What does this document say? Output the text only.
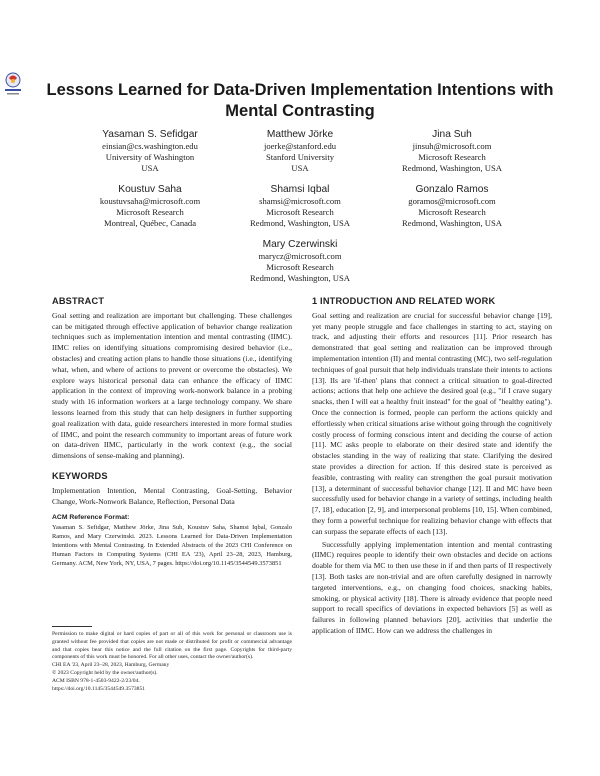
Lessons Learned for Data-Driven Implementation Intentions with Mental Contrasting
Yasaman S. Sefidgar
einsian@cs.washington.edu
University of Washington
USA
Matthew Jörke
joerke@stanford.edu
Stanford University
USA
Jina Suh
jinsuh@microsoft.com
Microsoft Research
Redmond, Washington, USA
Koustuv Saha
koustuvsaha@microsoft.com
Microsoft Research
Montreal, Québec, Canada
Shamsi Iqbal
shamsi@microsoft.com
Microsoft Research
Redmond, Washington, USA
Gonzalo Ramos
goramos@microsoft.com
Microsoft Research
Redmond, Washington, USA
Mary Czerwinski
marycz@microsoft.com
Microsoft Research
Redmond, Washington, USA
ABSTRACT

Goal setting and realization are important but challenging. These challenges can be mitigated through effective application of behavior change realization techniques such as implementation intention and mental contrasting (IIMC). IIMC relies on identifying situations compromising desired behavior (i.e., obstacles) and creating action plans to handle those situations (i.e., identifying what, when, and where of actions to prevent or overcome the obstacles). We explore ways historical personal data can enhance the efficacy of IIMC application in the context of improving work-nonwork balance in a probing study with 16 information workers at a large technology company. We share lessons learned from this study that can help designers in further supporting goal realization with data, guide researchers interested in more formal studies of IIMC, and point the research community to important areas of future work on data-driven IIMC, particularly in the work context (e.g., the social dimensions of sense-making and planning).

KEYWORDS

Implementation Intention, Mental Contrasting, Goal-Setting, Behavior Change, Work-Nonwork Balance, Reflection, Personal Data

ACM Reference Format:

Yasaman S. Sefidgar, Matthew Jörke, Jina Suh, Koustuv Saha, Shamsi Iqbal, Gonzalo Ramos, and Mary Czerwinski. 2023. Lessons Learned for Data-Driven Implementation Intentions with Mental Contrasting. In Extended Abstracts of the 2023 CHI Conference on Human Factors in Computing Systems (CHI EA '23), April 23–28, 2023, Hamburg, Germany. ACM, New York, NY, USA, 7 pages. https://doi.org/10.1145/3544549.3573851

Permission to make digital or hard copies of part or all of this work for personal or classroom use is granted without fee provided that copies are not made or distributed for profit or commercial advantage and that copies bear this notice and the full citation on the first page. Copyrights for third-party components of this work must be honored. For all other uses, contact the owner/author(s).

CHI EA '23, April 23–28, 2023, Hamburg, Germany
© 2023 Copyright held by the owner/author(s).
ACM ISBN 978-1-4503-9422-2/23/04.
https://doi.org/10.1145/3544549.3573851
1 INTRODUCTION AND RELATED WORK

Goal setting and realization are crucial for successful behavior change [19], yet many people struggle and face challenges in starting to act, staying on track, and adjusting their efforts and resources [11]. Prior research has demonstrated that goal setting and realization can be improved through implementation intention (II) and mental contrasting (MC), two self-regulation techniques of goal pursuit that help individuals translate their intents to actions [13]. IIs are 'if-then' plans that connect a critical situation to goal-directed actions; actions that help one achieve the desired goal (e.g., "if I crave sugary snacks, then I will eat a healthy fruit instead" for the goal of "healthy eating"). Once the connection is formed, people can perform the actions quickly and effortlessly when critical situations arise without going through the cognitively costly process of forming conscious intent and deciding the course of action [11]. MC asks people to elaborate on their desired state and identify the obstacles standing in the way of realizing that state. Clarifying the desired state provides a direction for action. If this desired state is perceived as feasible, contrasting with reality can strengthen the goal pursuit motivation [13], a determinant of successful behavior change [12]. II and MC have been successfully used for behavior change in a variety of settings, including health [7, 18], education [2, 9], and interpersonal problems [10, 15]. When combined, they form a powerful technique for realizing behavior change with effects that can surpass the separate effects of each [13].

Successfully applying implementation intention and mental contrasting (IIMC) requires people to identify their own obstacles and decide on actions doable for them via MC to then use these in if and then parts of II respectively [13]. Both tasks are non-trivial and are often carefully designed in narrowly targeted interventions, e.g., on changing food choices, snacking habits, smoking, or physical activity [18]. There is already evidence that people need support to recall specifics of deviations in expected behaviors [5] as well as failures in following planned behaviors [20], activities that underlie the application of IIMC. How can we address the challenges in
